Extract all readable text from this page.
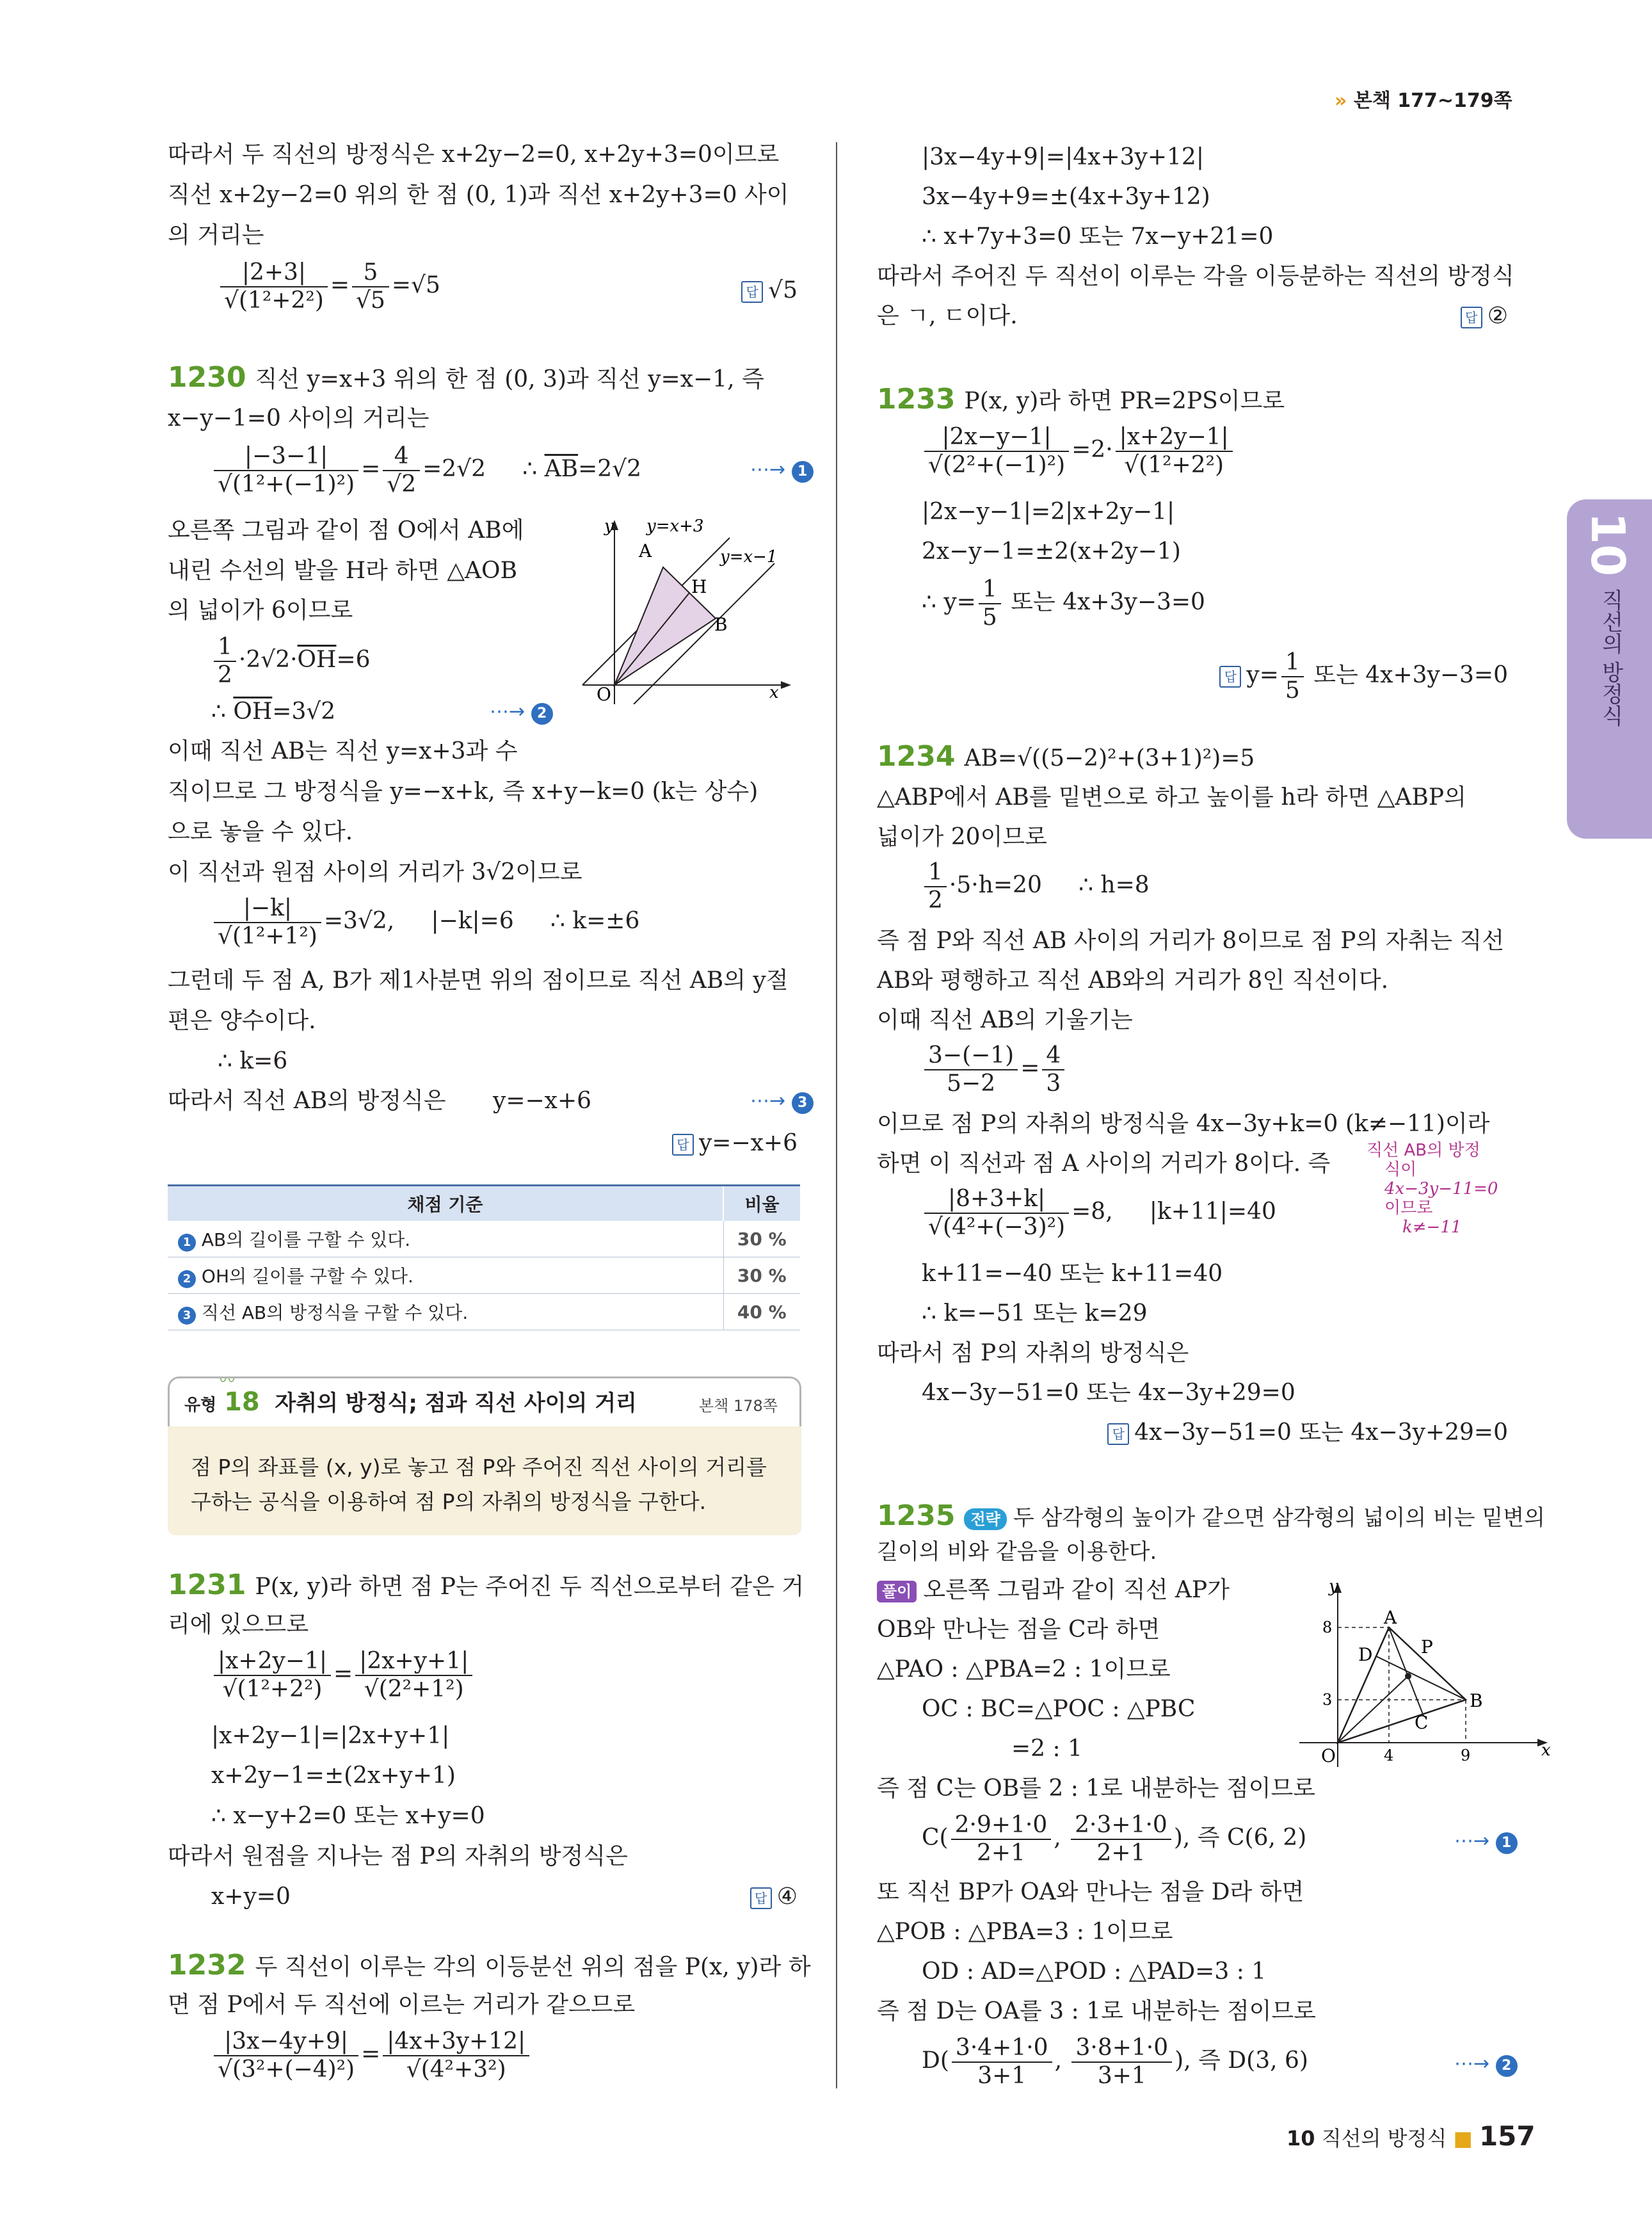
» 본책 177~179쪽
10
직선의 방정식
따라서 두 직선의 방정식은 x+2y−2=0, x+2y+3=0이므로
직선 x+2y−2=0 위의 한 점 (0, 1)과 직선 x+2y+3=0 사이
의 거리는
$\frac{|2+3|}{\text{√(1²+2²)}} = \frac{5}{√5} =√5$	답 √5
1230 직선 y=x+3 위의 한 점 (0, 3)과 직선 y=x−1, 즉
x−y−1=0 사이의 거리는
$\frac{|-3-1|}{\text{√(1²+(−1)²)}} = \frac{4}{√2} =2√2$     ∴ $\overline{AB}=2√2$	⋯→ 1
오른쪽 그림과 같이 점 O에서 AB에
내린 수선의 발을 H라 하면 △AOB
의 넓이가 6이므로
$\frac{1}{2} \cdot 2√2\cdot\overline{OH}=6$
∴ $\overline{OH}=3√2$	⋯→ 2
y y=x+3
y=x−1
A
H
B
O	x
이때 직선 AB는 직선 y=x+3과 수
직이므로 그 방정식을 y=−x+k, 즉 x+y−k=0 (k는 상수)
으로 놓을 수 있다.
이 직선과 원점 사이의 거리가 3√2이므로
$\frac{|-k|}{\text{√(1²+1²)}} =3√2$,     |−k|=6     ∴ k=±6
그런데 두 점 A, B가 제1사분면 위의 점이므로 직선 AB의 y절
편은 양수이다.
∴ k=6
따라서 직선 AB의 방정식은 y=−x+6	⋯→ 3
답 y=−x+6
채점 기준	비율
1 AB의 길이를 구할 수 있다.	30 %
2 OH의 길이를 구할 수 있다.	30 %
3 직선 AB의 방정식을 구할 수 있다.	40 %
〰
유형 18 자취의 방정식; 점과 직선 사이의 거리	본책 178쪽
점 P의 좌표를 (x, y)로 놓고 점 P와 주어진 직선 사이의 거리를
구하는 공식을 이용하여 점 P의 자취의 방정식을 구한다.
1231 P(x, y)라 하면 점 P는 주어진 두 직선으로부터 같은 거
리에 있으므로
$\frac{|x+2y-1|}{\text{√(1²+2²)}} = \frac{|2x+y+1|}{\text{√(2²+1²)}}$
|x+2y−1|=|2x+y+1|
x+2y−1=±(2x+y+1)
∴ x−y+2=0 또는 x+y=0
따라서 원점을 지나는 점 P의 자취의 방정식은
x+y=0	답 ④
1232 두 직선이 이루는 각의 이등분선 위의 점을 P(x, y)라 하
면 점 P에서 두 직선에 이르는 거리가 같으므로
$\frac{|3x-4y+9|}{\text{√(3²+(−4)²)}} = \frac{|4x+3y+12|}{\text{√(4²+3²)}}$
|3x−4y+9|=|4x+3y+12|
3x−4y+9=±(4x+3y+12)
∴ x+7y+3=0 또는 7x−y+21=0
따라서 주어진 두 직선이 이루는 각을 이등분하는 직선의 방정식
은 ㄱ, ㄷ이다.	답 ②
1233 P(x, y)라 하면 PR=2PS이므로
$\frac{|2x-y-1|}{\text{√(2²+(−1)²)}} =2\cdot \frac{|x+2y-1|}{\text{√(1²+2²)}}$
|2x−y−1|=2|x+2y−1|
2x−y−1=±2(x+2y−1)
∴ $y= \frac{1}{5}$ 또는 4x+3y−3=0
답 $y= \frac{1}{5}$ 또는 4x+3y−3=0
1234 AB=√((5−2)²+(3+1)²)=5
△ABP에서 AB를 밑변으로 하고 높이를 h라 하면 △ABP의
넓이가 20이므로
$\frac{1}{2} \cdot 5\cdot h=20$     ∴ h=8
즉 점 P와 직선 AB 사이의 거리가 8이므로 점 P의 자취는 직선
AB와 평행하고 직선 AB와의 거리가 8인 직선이다.
이때 직선 AB의 기울기는
$\frac{3-(-1)}{5-2} = \frac{4}{3}$
이므로 점 P의 자취의 방정식을 4x−3y+k=0 (k≠−11)이라
하면 이 직선과 점 A 사이의 거리가 8이다. 즉 직선 AB의 방정
식이
4x−3y−11=0
이므로
k≠−11
$\frac{|8+3+k|}{\text{√(4²+(−3)²)}} =8$,     |k+11|=40
k+11=−40 또는 k+11=40
∴ k=−51 또는 k=29
따라서 점 P의 자취의 방정식은
4x−3y−51=0 또는 4x−3y+29=0
답 4x−3y−51=0 또는 4x−3y+29=0
1235 전략 두 삼각형의 높이가 같으면 삼각형의 넓이의 비는 밑변의
길이의 비와 같음을 이용한다.
풀이 오른쪽 그림과 같이 직선 AP가
OB와 만나는 점을 C라 하면
△PAO : △PBA=2 : 1이므로
OC : BC=△POC : △PBC
=2 : 1
즉 점 C는 OB를 2 : 1로 내분하는 점이므로
$C( \frac{2\cdot 9+1\cdot 0}{2+1}$ , $\frac{2\cdot 3+1\cdot 0}{2+1}$ ), 즉 C(6, 2)	⋯→ 1
또 직선 BP가 OA와 만나는 점을 D라 하면
△POB : △PBA=3 : 1이므로
OD : AD=△POD : △PAD=3 : 1
즉 점 D는 OA를 3 : 1로 내분하는 점이므로
$D( \frac{3\cdot 4+1\cdot 0}{3+1}$ , $\frac{3\cdot 8+1\cdot 0}{3+1}$ ), 즉 D(3, 6)	⋯→ 2
y
x
O
A
B
C
D	P
8
3
4	9
10 직선의 방정식 ■ 157
